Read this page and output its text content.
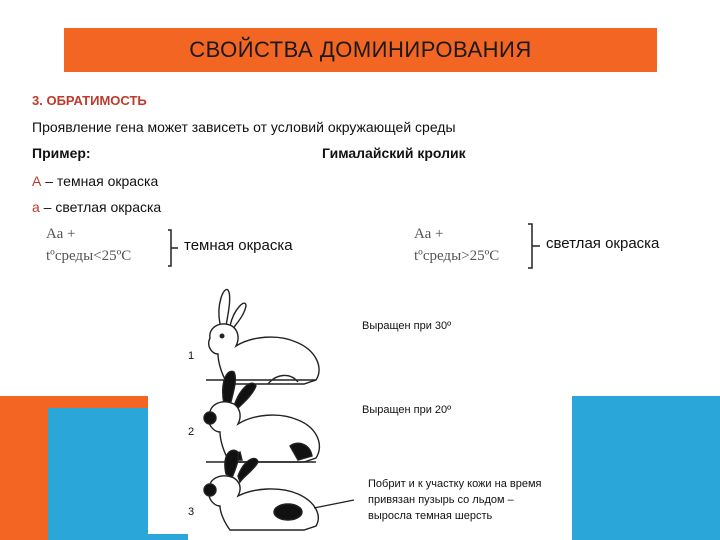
СВОЙСТВА ДОМИНИРОВАНИЯ
3. ОБРАТИМОСТЬ
Проявление гена может зависеть от условий окружающей среды
Пример:	Гималайский кролик
А – темная окраска
а – светлая окраска
Аа +
tºсреды<25ºС
темная окраска
Аа +
tºсреды>25ºС
светлая окраска
1
2
3
Выращен при 30º
Выращен при 20º
Побрит и к участку кожи на время
привязан пузырь со льдом –
выросла темная шерсть
